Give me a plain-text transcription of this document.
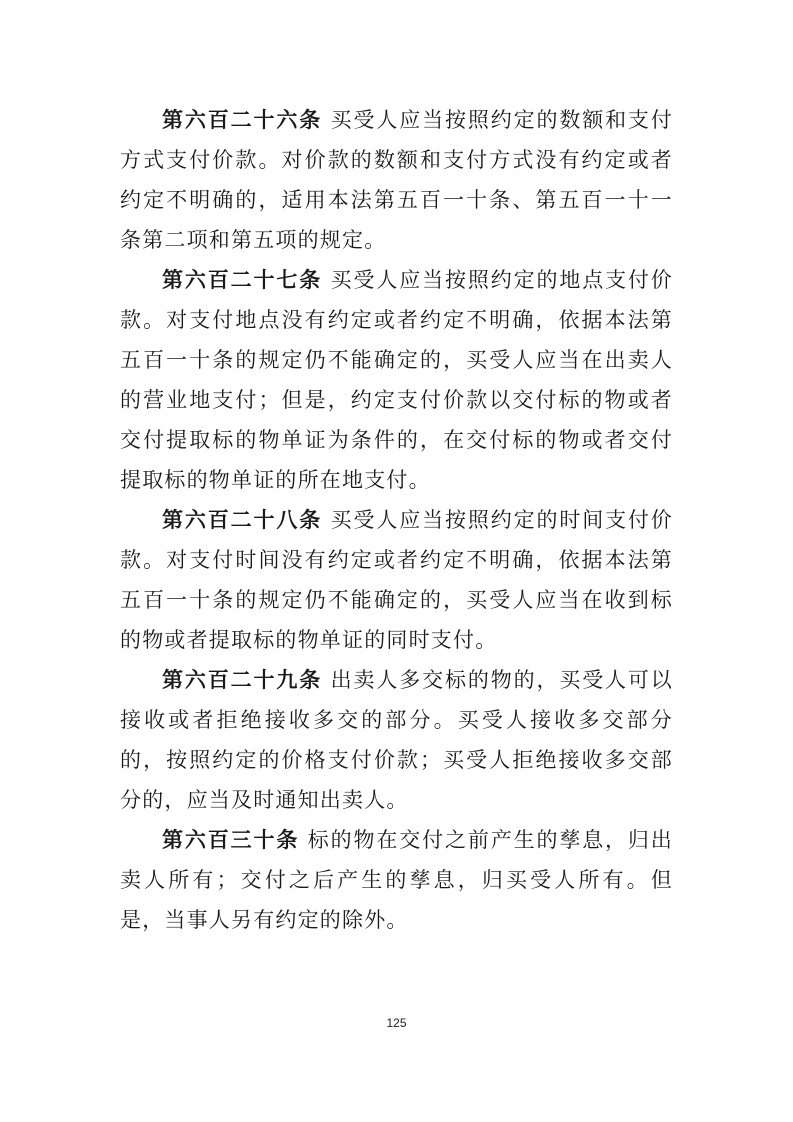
第六百二十六条 买受人应当按照约定的数额和支付方式支付价款。对价款的数额和支付方式没有约定或者约定不明确的，适用本法第五百一十条、第五百一十一条第二项和第五项的规定。

第六百二十七条 买受人应当按照约定的地点支付价款。对支付地点没有约定或者约定不明确，依据本法第五百一十条的规定仍不能确定的，买受人应当在出卖人的营业地支付；但是，约定支付价款以交付标的物或者交付提取标的物单证为条件的，在交付标的物或者交付提取标的物单证的所在地支付。

第六百二十八条 买受人应当按照约定的时间支付价款。对支付时间没有约定或者约定不明确，依据本法第五百一十条的规定仍不能确定的，买受人应当在收到标的物或者提取标的物单证的同时支付。

第六百二十九条 出卖人多交标的物的，买受人可以接收或者拒绝接收多交的部分。买受人接收多交部分的，按照约定的价格支付价款；买受人拒绝接收多交部分的，应当及时通知出卖人。

第六百三十条 标的物在交付之前产生的孳息，归出卖人所有；交付之后产生的孳息，归买受人所有。但是，当事人另有约定的除外。

125
